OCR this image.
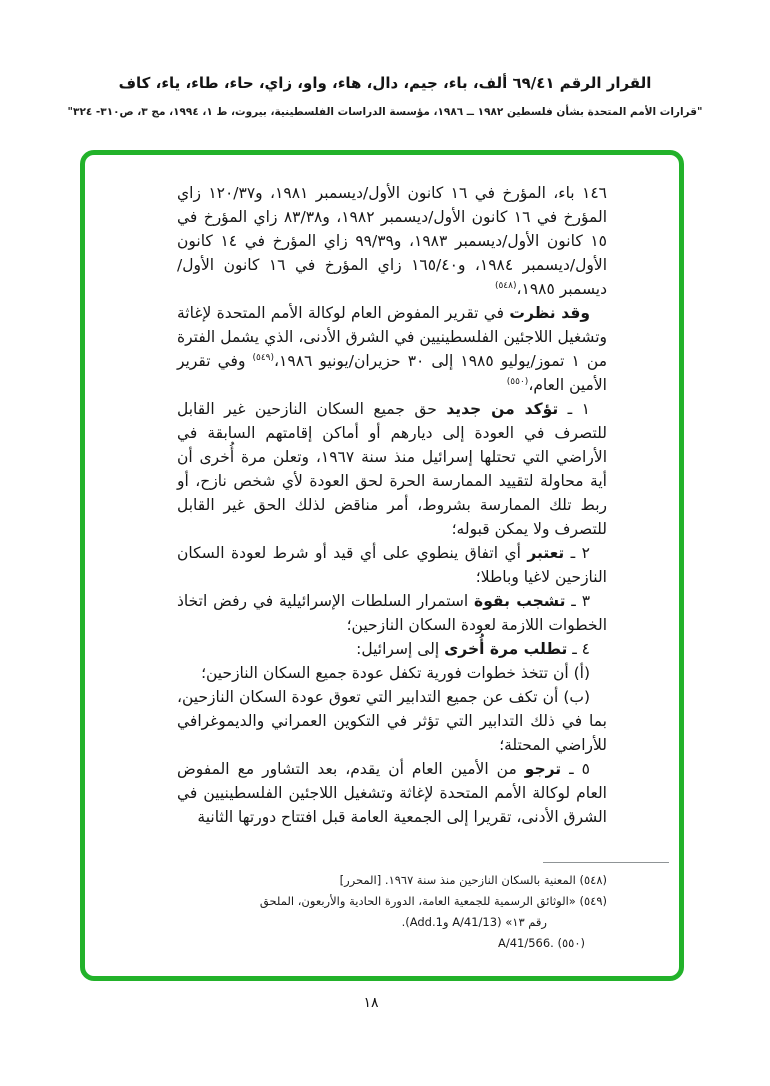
القرار الرقم ٦٩/٤١ ألف، باء، جيم، دال، هاء، واو، زاي، حاء، طاء، ياء، كاف
"قرارات الأمم المتحدة بشأن فلسطين ١٩٨٢ ــ ١٩٨٦، مؤسسة الدراسات الفلسطينية، بيروت، ط ١، ١٩٩٤، مج ٣، ص٣١٠- ٣٢٤"

١٤٦ باء، المؤرخ في ١٦ كانون الأول/ديسمبر ١٩٨١، و١٢٠/٣٧ زاي المؤرخ في ١٦ كانون الأول/ديسمبر ١٩٨٢، و٨٣/٣٨ زاي المؤرخ في ١٥ كانون الأول/ديسمبر ١٩٨٣، و٩٩/٣٩ زاي المؤرخ في ١٤ كانون الأول/ديسمبر ١٩٨٤، و١٦٥/٤٠ زاي المؤرخ في ١٦ كانون الأول/ديسمبر ١٩٨٥،$^{(٥٤٨)}$

وقد نظرت في تقرير المفوض العام لوكالة الأمم المتحدة لإغاثة وتشغيل اللاجئين الفلسطينيين في الشرق الأدنى، الذي يشمل الفترة من ١ تموز/يوليو ١٩٨٥ إلى ٣٠ حزيران/يونيو ١٩٨٦،$^{(٥٤٩)}$ وفي تقرير الأمين العام،$^{(٥٥٠)}$

١ ـ تؤكد من جديد حق جميع السكان النازحين غير القابل للتصرف في العودة إلى ديارهم أو أماكن إقامتهم السابقة في الأراضي التي تحتلها إسرائيل منذ سنة ١٩٦٧، وتعلن مرة أُخرى أن أية محاولة لتقييد الممارسة الحرة لحق العودة لأي شخص نازح، أو ربط تلك الممارسة بشروط، أمر مناقض لذلك الحق غير القابل للتصرف ولا يمكن قبوله؛

٢ ـ تعتبر أي اتفاق ينطوي على أي قيد أو شرط لعودة السكان النازحين لاغيا وباطلا؛

٣ ـ تشجب بقوة استمرار السلطات الإسرائيلية في رفض اتخاذ الخطوات اللازمة لعودة السكان النازحين؛

٤ ـ تطلب مرة أُخرى إلى إسرائيل:

(أ) أن تتخذ خطوات فورية تكفل عودة جميع السكان النازحين؛

(ب) أن تكف عن جميع التدابير التي تعوق عودة السكان النازحين، بما في ذلك التدابير التي تؤثر في التكوين العمراني والديموغرافي للأراضي المحتلة؛

٥ ـ ترجو من الأمين العام أن يقدم، بعد التشاور مع المفوض العام لوكالة الأمم المتحدة لإغاثة وتشغيل اللاجئين الفلسطينيين في الشرق الأدنى، تقريرا إلى الجمعية العامة قبل افتتاح دورتها الثانية

(٥٤٨) المعنية بالسكان النازحين منذ سنة ١٩٦٧. [المحرر]
(٥٤٩) «الوثائق الرسمية للجمعية العامة، الدورة الحادية والأربعون، الملحق
رقم ١٣» (A/41/13 وAdd.1).
(٥٥٠) A/41/566.‎
١٨
